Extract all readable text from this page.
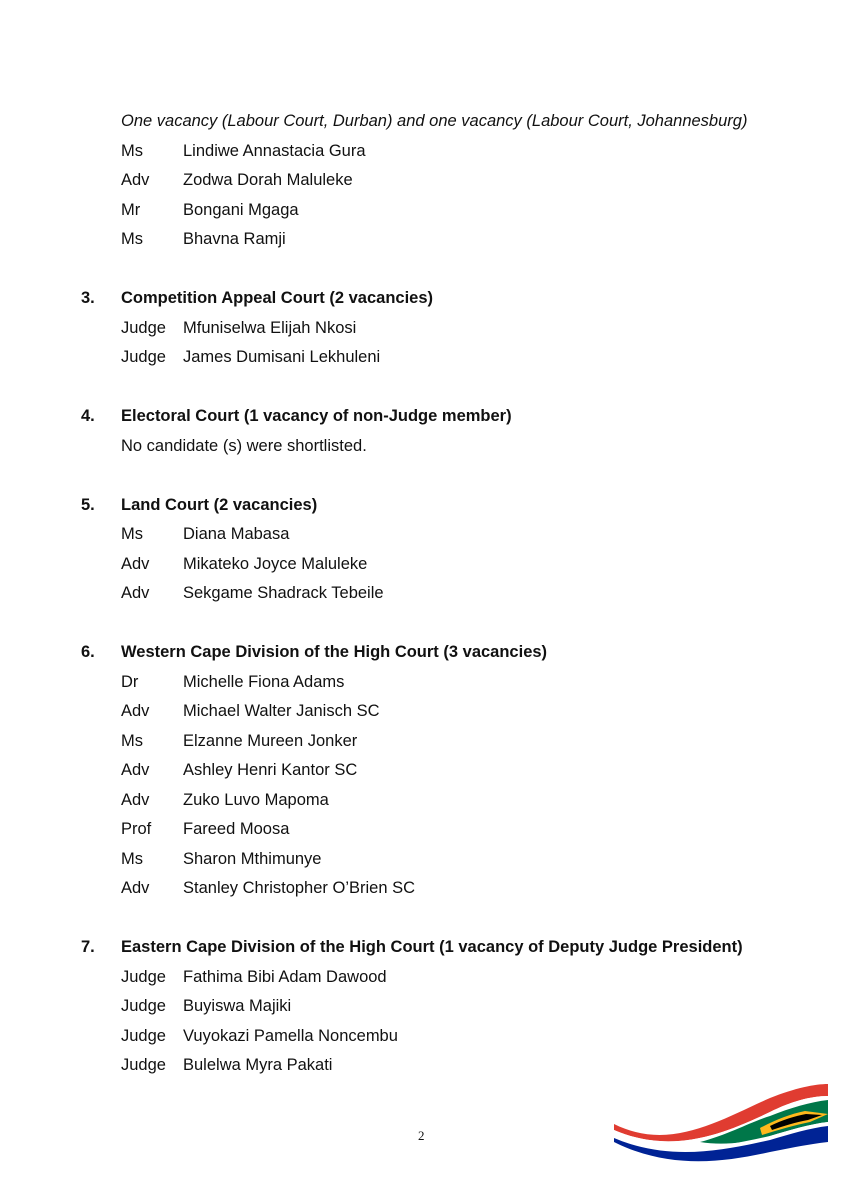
One vacancy (Labour Court, Durban) and one vacancy (Labour Court, Johannesburg)
Ms Lindiwe Annastacia Gura
Adv Zodwa Dorah Maluleke
Mr	Bongani Mgaga
Ms Bhavna Ramji
3. Competition Appeal Court (2 vacancies)
Judge Mfuniselwa Elijah Nkosi
Judge James Dumisani Lekhuleni
4. Electoral Court (1 vacancy of non-Judge member)
No candidate (s) were shortlisted.
5. Land Court (2 vacancies)
Ms Diana Mabasa
Adv Mikateko Joyce Maluleke
Adv Sekgame Shadrack Tebeile
6. Western Cape Division of the High Court (3 vacancies)
Dr	Michelle Fiona Adams
Adv Michael Walter Janisch SC
Ms Elzanne Mureen Jonker
Adv Ashley Henri Kantor SC
Adv Zuko Luvo Mapoma
Prof Fareed Moosa
Ms Sharon Mthimunye
Adv Stanley Christopher O’Brien SC
7. Eastern Cape Division of the High Court (1 vacancy of Deputy Judge President)
Judge Fathima Bibi Adam Dawood
Judge Buyiswa Majiki
Judge Vuyokazi Pamella Noncembu
Judge Bulelwa Myra Pakati
2
